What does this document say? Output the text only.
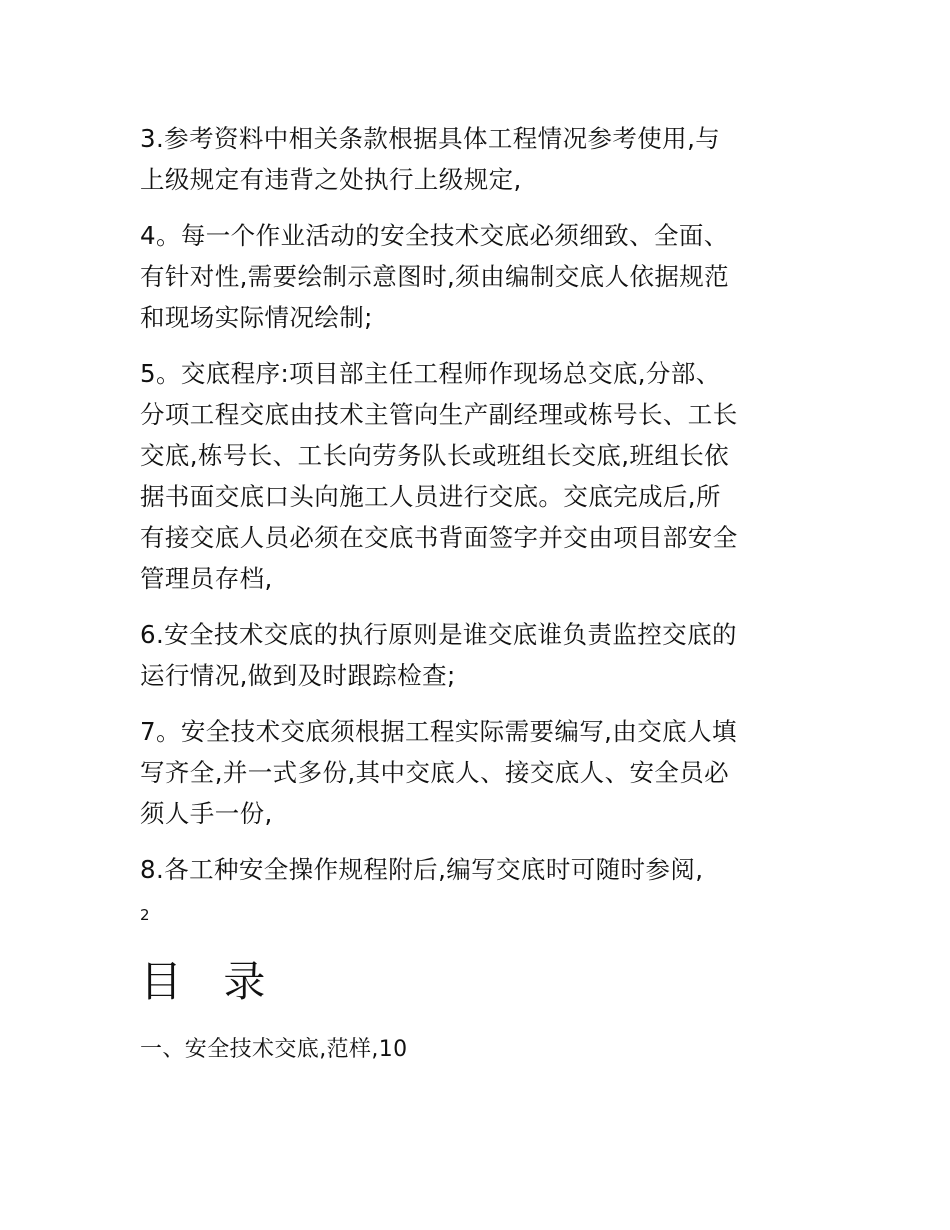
3.参考资料中相关条款根据具体工程情况参考使用,与
上级规定有违背之处执行上级规定,

4。每一个作业活动的安全技术交底必须细致、全面、
有针对性,需要绘制示意图时,须由编制交底人依据规范
和现场实际情况绘制;

5。交底程序:项目部主任工程师作现场总交底,分部、
分项工程交底由技术主管向生产副经理或栋号长、工长
交底,栋号长、工长向劳务队长或班组长交底,班组长依
据书面交底口头向施工人员进行交底。交底完成后,所
有接交底人员必须在交底书背面签字并交由项目部安全
管理员存档,

6.安全技术交底的执行原则是谁交底谁负责监控交底的
运行情况,做到及时跟踪检查;

7。安全技术交底须根据工程实际需要编写,由交底人填
写齐全,并一式多份,其中交底人、接交底人、安全员必
须人手一份,

8.各工种安全操作规程附后,编写交底时可随时参阅,

2
目 录
一、安全技术交底,范样,10
